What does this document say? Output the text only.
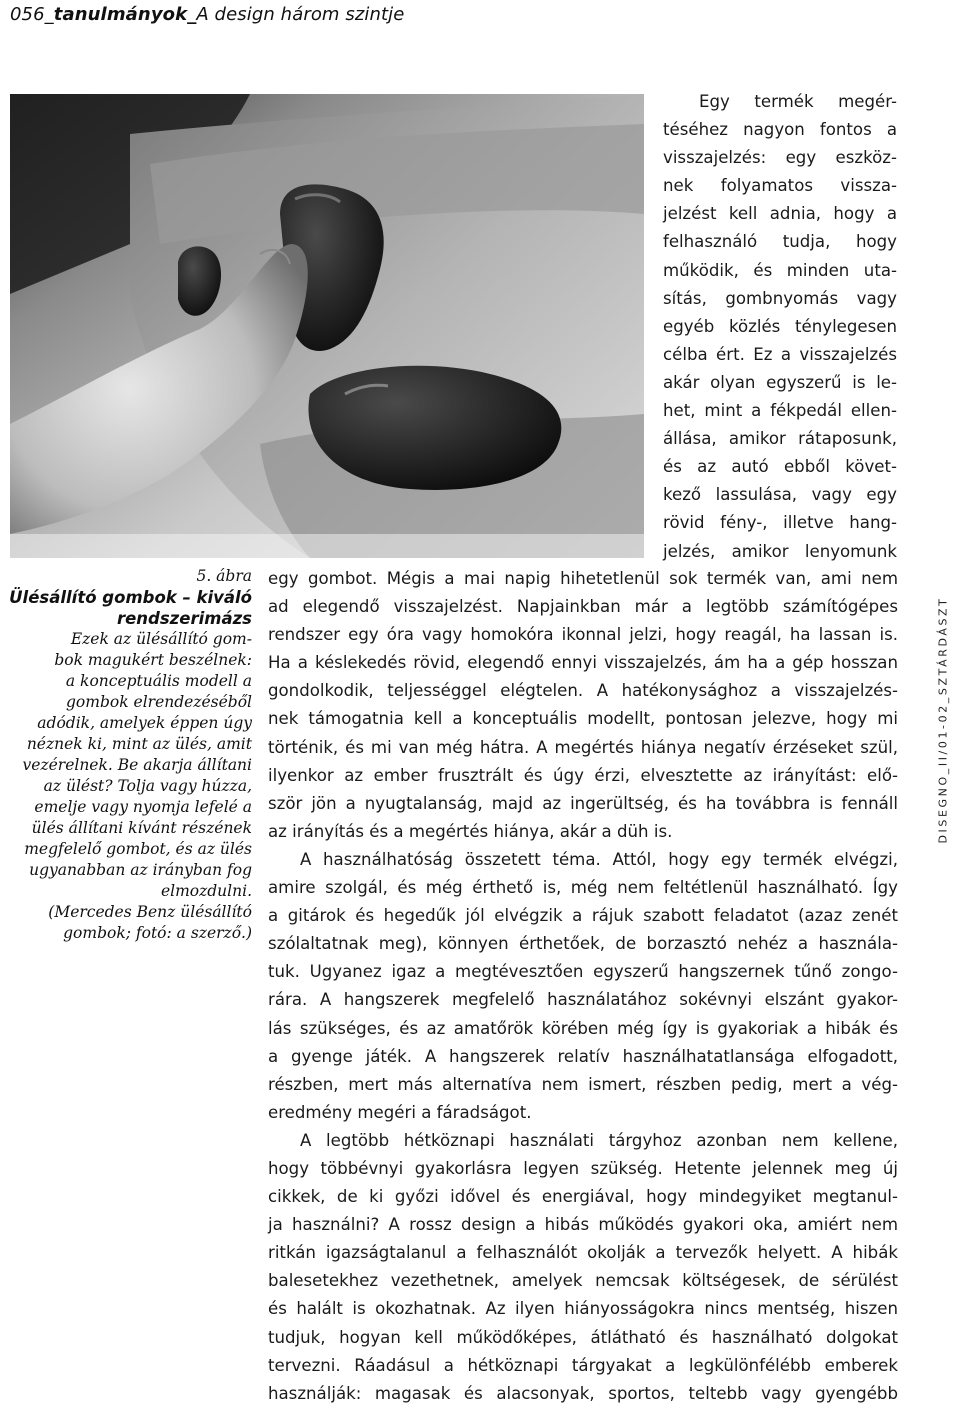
056_tanulmányok_A design három szintje
5. ábra
Ülésállító gombok – kiváló
rendszerimázs
Ezek az ülésállító gom-
bok magukért beszélnek:
a konceptuális modell a
gombok elrendezéséből
adódik, amelyek éppen úgy
néznek ki, mint az ülés, amit
vezérelnek. Be akarja állítani
az ülést? Tolja vagy húzza,
emelje vagy nyomja lefelé a
ülés állítani kívánt részének
megfelelő gombot, és az ülés
ugyanabban az irányban fog
elmozdulni.
(Mercedes Benz ülésállító
gombok; fotó: a szerző.)
Egy termék megér-
téséhez nagyon fontos a
visszajelzés: egy eszköz-
nek folyamatos vissza-
jelzést kell adnia, hogy a
felhasználó tudja, hogy
működik, és minden uta-
sítás, gombnyomás vagy
egyéb közlés ténylegesen
célba ért. Ez a visszajelzés
akár olyan egyszerű is le-
het, mint a fékpedál ellen-
állása, amikor rátaposunk,
és az autó ebből követ-
kező lassulása, vagy egy
rövid fény-, illetve hang-
jelzés, amikor lenyomunk
egy gombot. Mégis a mai napig hihetetlenül sok termék van, ami nem
ad elegendő visszajelzést. Napjainkban már a legtöbb számítógépes
rendszer egy óra vagy homokóra ikonnal jelzi, hogy reagál, ha lassan is.
Ha a késlekedés rövid, elegendő ennyi visszajelzés, ám ha a gép hosszan
gondolkodik, teljességgel elégtelen. A hatékonysághoz a visszajelzés-
nek támogatnia kell a konceptuális modellt, pontosan jelezve, hogy mi
történik, és mi van még hátra. A megértés hiánya negatív érzéseket szül,
ilyenkor az ember frusztrált és úgy érzi, elvesztette az irányítást: elő-
ször jön a nyugtalanság, majd az ingerültség, és ha továbbra is fennáll
az irányítás és a megértés hiánya, akár a düh is.
A használhatóság összetett téma. Attól, hogy egy termék elvégzi,
amire szolgál, és még érthető is, még nem feltétlenül használható. Így
a gitárok és hegedűk jól elvégzik a rájuk szabott feladatot (azaz zenét
szólaltatnak meg), könnyen érthetőek, de borzasztó nehéz a használa-
tuk. Ugyanez igaz a megtévesztően egyszerű hangszernek tűnő zongo-
rára. A hangszerek megfelelő használatához sokévnyi elszánt gyakor-
lás szükséges, és az amatőrök körében még így is gyakoriak a hibák és
a gyenge játék. A hangszerek relatív használhatatlansága elfogadott,
részben, mert más alternatíva nem ismert, részben pedig, mert a vég-
eredmény megéri a fáradságot.
A legtöbb hétköznapi használati tárgyhoz azonban nem kellene,
hogy többévnyi gyakorlásra legyen szükség. Hetente jelennek meg új
cikkek, de ki győzi idővel és energiával, hogy mindegyiket megtanul-
ja használni? A rossz design a hibás működés gyakori oka, amiért nem
ritkán igazságtalanul a felhasználót okolják a tervezők helyett. A hibák
balesetekhez vezethetnek, amelyek nemcsak költségesek, de sérülést
és halált is okozhatnak. Az ilyen hiányosságokra nincs mentség, hiszen
tudjuk, hogyan kell működőképes, átlátható és használható dolgokat
tervezni. Ráadásul a hétköznapi tárgyakat a legkülönfélébb emberek
használják: magasak és alacsonyak, sportos, teltebb vagy gyengébb
DISEGNO_II/01-02_SZTÁRDÁSZT
